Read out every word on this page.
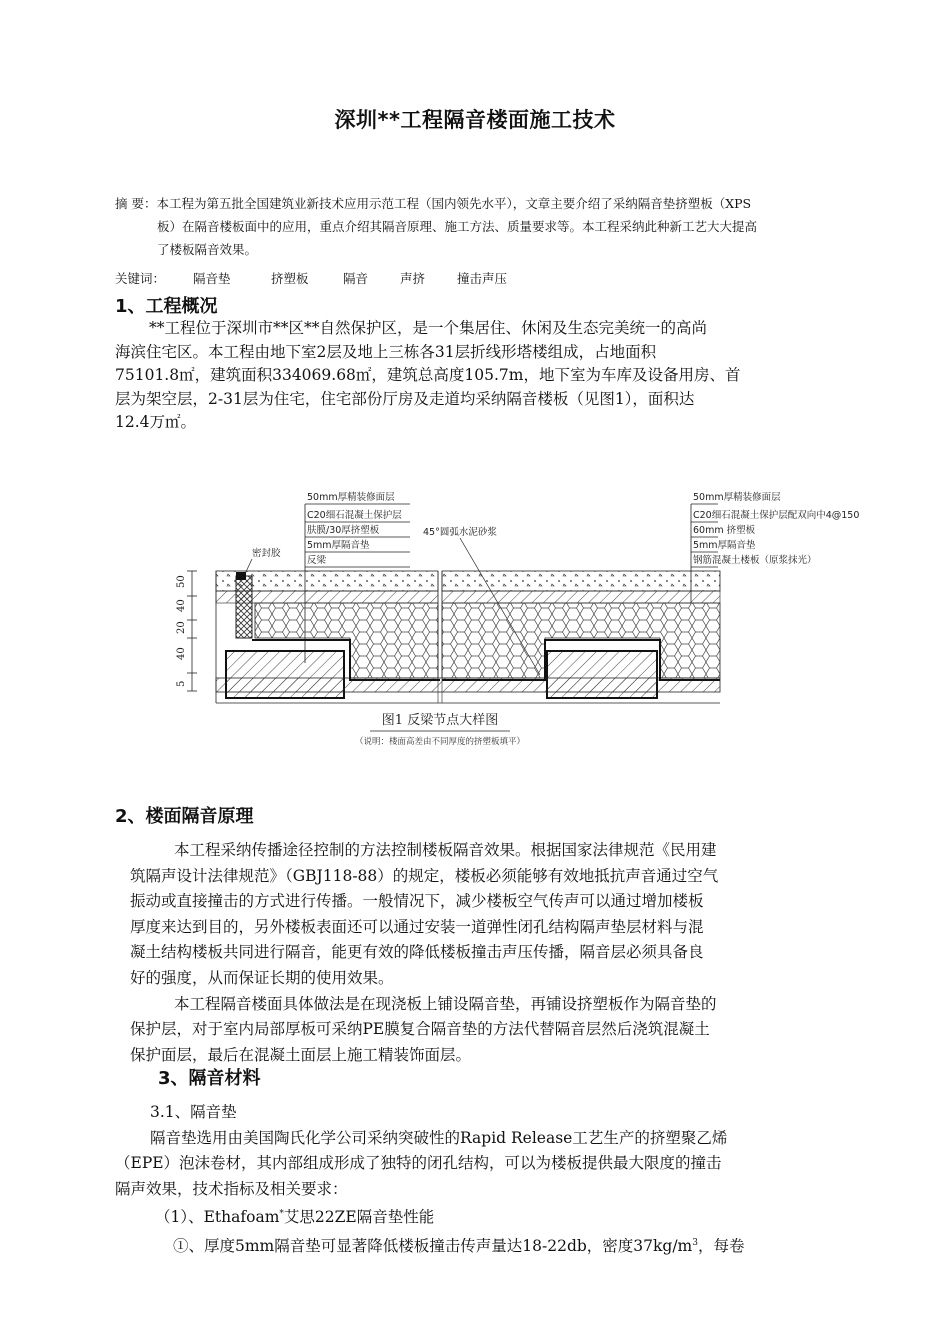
深圳**工程隔音楼面施工技术
摘 要：本工程为第五批全国建筑业新技术应用示范工程（国内领先水平），文章主要介绍了采纳隔音垫挤塑板（XPS
板）在隔音楼板面中的应用，重点介绍其隔音原理、施工方法、质量要求等。本工程采纳此种新工艺大大提高
了楼板隔音效果。
关键词： 隔音垫	挤塑板	隔音	声挤	撞击声压
1、工程概况
**工程位于深圳市**区**自然保护区，是一个集居住、休闲及生态完美统一的高尚
海滨住宅区。本工程由地下室2层及地上三栋各31层折线形塔楼组成，占地面积
75101.8㎡，建筑面积334069.68㎡，建筑总高度105.7m，地下室为车库及设备用房、首
层为架空层，2-31层为住宅，住宅部份厅房及走道均采纳隔音楼板（见图1），面积达
12.4万㎡。
50mm厚精装修面层
C20细石混凝土保护层
肤膜/30厚挤塑板
5mm厚隔音垫
反梁
50mm厚精装修面层
C20细石混凝土保护层配双向中4@150
60mm 挤塑板
5mm厚隔音垫
钢筋混凝土楼板（原浆抹光）
45°圆弧水泥砂浆
密封胶
50
40
20
40
5
图1 反梁节点大样图
（说明：楼面高差由不同厚度的挤塑板填平）
2、楼面隔音原理
本工程采纳传播途径控制的方法控制楼板隔音效果。根据国家法律规范《民用建
筑隔声设计法律规范》（GBJ118-88）的规定，楼板必须能够有效地抵抗声音通过空气
振动或直接撞击的方式进行传播。一般情况下，减少楼板空气传声可以通过增加楼板
厚度来达到目的，另外楼板表面还可以通过安装一道弹性闭孔结构隔声垫层材料与混
凝土结构楼板共同进行隔音，能更有效的降低楼板撞击声压传播，隔音层必须具备良
好的强度，从而保证长期的使用效果。
本工程隔音楼面具体做法是在现浇板上铺设隔音垫，再铺设挤塑板作为隔音垫的
保护层，对于室内局部厚板可采纳PE膜复合隔音垫的方法代替隔音层然后浇筑混凝土
保护面层，最后在混凝土面层上施工精装饰面层。
3、隔音材料
3.1、隔音垫
隔音垫选用由美国陶氏化学公司采纳突破性的Rapid Release工艺生产的挤塑聚乙烯
（EPE）泡沫卷材，其内部组成形成了独特的闭孔结构，可以为楼板提供最大限度的撞击
隔声效果，技术指标及相关要求：
（1）、Ethafoam*艾思22ZE隔音垫性能
①、厚度5mm隔音垫可显著降低楼板撞击传声量达18-22db，密度$37kg/m^3$，每卷
